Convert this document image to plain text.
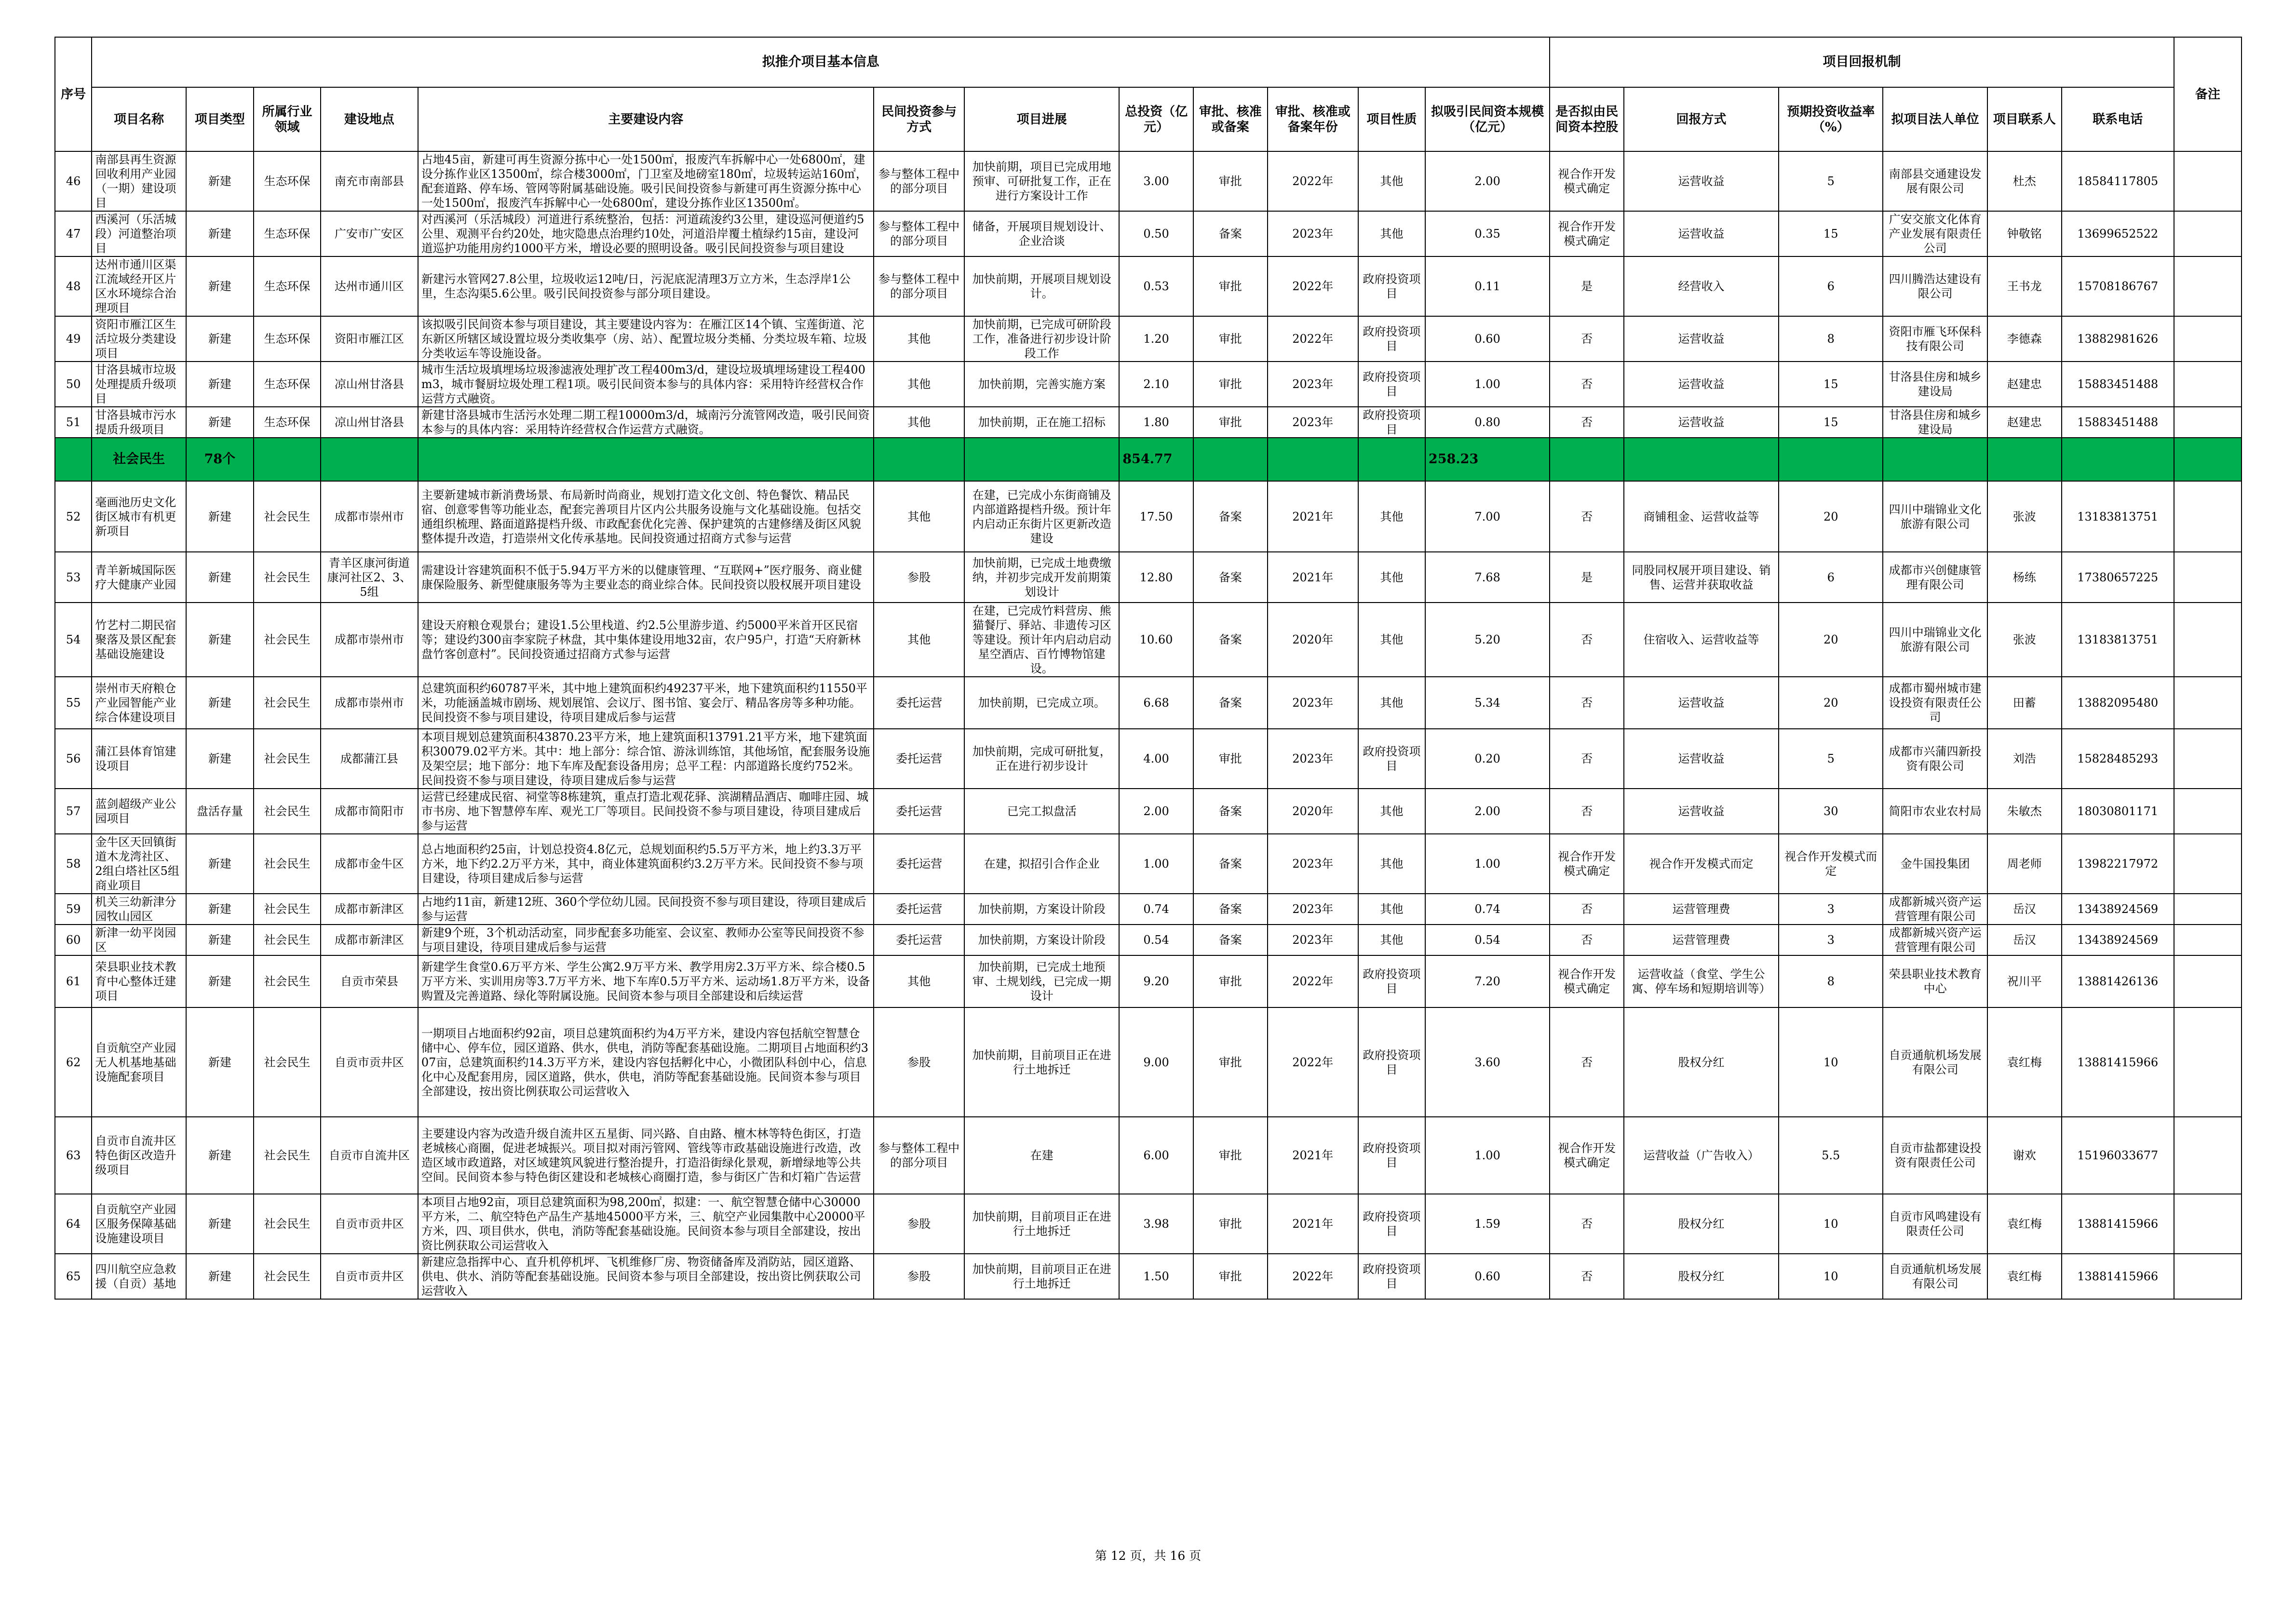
序号	拟推介项目基本信息												项目回报机制						备注
	项目名称	项目类型	所属行业领域	建设地点	主要建设内容	民间投资参与方式	项目进展	总投资（亿元）	审批、核准或备案	审批、核准或备案年份	项目性质	拟吸引民间资本规模（亿元）	是否拟由民间资本控股	回报方式	预期投资收益率（%）	拟项目法人单位	项目联系人	联系电话	
46	南部县再生资源回收利用产业园（一期）建设项目	新建	生态环保	南充市南部县	占地45亩，新建可再生资源分拣中心一处1500㎡，报废汽车拆解中心一处6800㎡，建设分拣作业区13500㎡，综合楼3000㎡，门卫室及地磅室180㎡，垃圾转运站160㎡，配套道路、停车场、管网等附属基础设施。吸引民间投资参与新建可再生资源分拣中心一处1500㎡，报废汽车拆解中心一处6800㎡，建设分拣作业区13500㎡。	参与整体工程中的部分项目	加快前期，项目已完成用地预审、可研批复工作，正在进行方案设计工作	3.00	审批	2022年	其他	2.00	视合作开发模式确定	运营收益	5	南部县交通建设发展有限公司	杜杰	18584117805	
47	西溪河（乐活城段）河道整治项目	新建	生态环保	广安市广安区	对西溪河（乐活城段）河道进行系统整治，包括：河道疏浚约3公里，建设巡河便道约5公里、观测平台约20处，地灾隐患点治理约10处，河道沿岸覆土植绿约15亩，建设河道巡护功能用房约1000平方米，增设必要的照明设备。吸引民间投资参与项目建设	参与整体工程中的部分项目	储备，开展项目规划设计、企业洽谈	0.50	备案	2023年	其他	0.35	视合作开发模式确定	运营收益	15	广安交旅文化体育产业发展有限责任公司	钟敬铭	13699652522	
48	达州市通川区渠江流域经开区片区水环境综合治理项目	新建	生态环保	达州市通川区	新建污水管网27.8公里，垃圾收运12吨/日，污泥底泥清理3万立方米，生态浮岸1公里，生态沟渠5.6公里。吸引民间投资参与部分项目建设。	参与整体工程中的部分项目	加快前期，开展项目规划设计。	0.53	审批	2022年	政府投资项目	0.11	是	经营收入	6	四川腾浩达建设有限公司	王书龙	15708186767	
49	资阳市雁江区生活垃圾分类建设项目	新建	生态环保	资阳市雁江区	该拟吸引民间资本参与项目建设，其主要建设内容为：在雁江区14个镇、宝莲街道、沱东新区所辖区域设置垃圾分类收集亭（房、站）、配置垃圾分类桶、分类垃圾车箱、垃圾分类收运车等设施设备。	其他	加快前期，已完成可研阶段工作，准备进行初步设计阶段工作	1.20	审批	2022年	政府投资项目	0.60	否	运营收益	8	资阳市雁飞环保科技有限公司	李德森	13882981626	
50	甘洛县城市垃圾处理提质升级项目	新建	生态环保	凉山州甘洛县	城市生活垃圾填埋场垃圾渗滤液处理扩改工程400m3/d，建设垃圾填埋场建设工程400m3，城市餐厨垃圾处理工程1项。吸引民间资本参与的具体内容：采用特许经营权合作运营方式融资。	其他	加快前期，完善实施方案	2.10	审批	2023年	政府投资项目	1.00	否	运营收益	15	甘洛县住房和城乡建设局	赵建忠	15883451488	
51	甘洛县城市污水提质升级项目	新建	生态环保	凉山州甘洛县	新建甘洛县城市生活污水处理二期工程10000m3/d，城南污分流管网改造，吸引民间资本参与的具体内容：采用特许经营权合作运营方式融资。	其他	加快前期，正在施工招标	1.80	审批	2023年	政府投资项目	0.80	否	运营收益	15	甘洛县住房和城乡建设局	赵建忠	15883451488	
	社会民生	78个						854.77				258.23							
52	毫画池历史文化街区城市有机更新项目	新建	社会民生	成都市崇州市	主要新建城市新消费场景、布局新时尚商业，规划打造文化文创、特色餐饮、精品民宿、创意零售等功能业态，配套完善项目片区内公共服务设施与文化基础设施。包括交通组织梳理、路面道路提档升级、市政配套优化完善、保护建筑的古建修缮及街区风貌整体提升改造，打造崇州文化传承基地。民间投资通过招商方式参与运营	其他	在建，已完成小东街商铺及内部道路提档升级。预计年内启动正东街片区更新改造建设	17.50	备案	2021年	其他	7.00	否	商铺租金、运营收益等	20	四川中瑞锦业文化旅游有限公司	张波	13183813751	
53	青羊新城国际医疗大健康产业园	新建	社会民生	青羊区康河街道康河社区2、3、5组	需建设计容建筑面积不低于5.94万平方米的以健康管理、“互联网+”医疗服务、商业健康保险服务、新型健康服务等为主要业态的商业综合体。民间投资以股权展开项目建设	参股	加快前期，已完成土地费缴纳，并初步完成开发前期策划设计	12.80	备案	2021年	其他	7.68	是	同股同权展开项目建设、销售、运营并获取收益	6	成都市兴创健康管理有限公司	杨练	17380657225	
54	竹艺村二期民宿聚落及景区配套基础设施建设	新建	社会民生	成都市崇州市	建设天府粮仓观景台；建设1.5公里栈道、约2.5公里游步道、约5000平米首开区民宿等；建设约300亩李家院子林盘，其中集体建设用地32亩，农户95户，打造“天府新林盘竹客创意村”。民间投资通过招商方式参与运营	其他	在建，已完成竹料营房、熊猫餐厅、驿站、非遗传习区等建设。预计年内启动启动星空酒店、百竹博物馆建设。	10.60	备案	2020年	其他	5.20	否	住宿收入、运营收益等	20	四川中瑞锦业文化旅游有限公司	张波	13183813751	
55	崇州市天府粮仓产业园智能产业综合体建设项目	新建	社会民生	成都市崇州市	总建筑面积约60787平米，其中地上建筑面积约49237平米，地下建筑面积约11550平米，功能涵盖城市剧场、规划展馆、会议厅、图书馆、宴会厅、精品客房等多种功能。民间投资不参与项目建设，待项目建成后参与运营	委托运营	加快前期，已完成立项。	6.68	备案	2023年	其他	5.34	否	运营收益	20	成都市蜀州城市建设投资有限责任公司	田蓄	13882095480	
56	蒲江县体育馆建设项目	新建	社会民生	成都蒲江县	本项目规划总建筑面积43870.23平方米，地上建筑面积13791.21平方米，地下建筑面积30079.02平方米。其中：地上部分：综合馆、游泳训练馆，其他场馆，配套服务设施及架空层；地下部分：地下车库及配套设备用房；总平工程：内部道路长度约752米。民间投资不参与项目建设，待项目建成后参与运营	委托运营	加快前期，完成可研批复，正在进行初步设计	4.00	审批	2023年	政府投资项目	0.20	否	运营收益	5	成都市兴蒲四新投资有限公司	刘浩	15828485293	
57	蓝剑超级产业公园项目	盘活存量	社会民生	成都市简阳市	运营已经建成民宿、祠堂等8栋建筑，重点打造北观花驿、滨湖精品酒店、咖啡庄园、城市书房、地下智慧停车库、观光工厂等项目。民间投资不参与项目建设，待项目建成后参与运营	委托运营	已完工拟盘活	2.00	备案	2020年	其他	2.00	否	运营收益	30	简阳市农业农村局	朱敏杰	18030801171	
58	金牛区天回镇街道木龙湾社区、2组白塔社区5组商业项目	新建	社会民生	成都市金牛区	总占地面积约25亩，计划总投资4.8亿元，总规划面积约5.5万平方米，地上约3.3万平方米，地下约2.2万平方米，其中，商业体建筑面积约3.2万平方米。民间投资不参与项目建设，待项目建成后参与运营	委托运营	在建，拟招引合作企业	1.00	备案	2023年	其他	1.00	视合作开发模式确定	视合作开发模式而定	视合作开发模式而定	金牛国投集团	周老师	13982217972	
59	机关三幼新津分园牧山园区	新建	社会民生	成都市新津区	占地约11亩，新建12班、360个学位幼儿园。民间投资不参与项目建设，待项目建成后参与运营	委托运营	加快前期，方案设计阶段	0.74	备案	2023年	其他	0.74	否	运营管理费	3	成都新城兴资产运营管理有限公司	岳汉	13438924569	
60	新津一幼平岗园区	新建	社会民生	成都市新津区	新建9个班，3个机动活动室，同步配套多功能室、会议室、教师办公室等民间投资不参与项目建设，待项目建成后参与运营	委托运营	加快前期，方案设计阶段	0.54	备案	2023年	其他	0.54	否	运营管理费	3	成都新城兴资产运营管理有限公司	岳汉	13438924569	
61	荣县职业技术教育中心整体迁建项目	新建	社会民生	自贡市荣县	新建学生食堂0.6万平方米、学生公寓2.9万平方米、教学用房2.3万平方米、综合楼0.5万平方米、实训用房等3.7万平方米、地下车库0.5万平方米、运动场1.8万平方米，设备购置及完善道路、绿化等附属设施。民间资本参与项目全部建设和后续运营	其他	加快前期，已完成土地预审、土规划线，已完成一期设计	9.20	审批	2022年	政府投资项目	7.20	视合作开发模式确定	运营收益（食堂、学生公寓、停车场和短期培训等）	8	荣县职业技术教育中心	祝川平	13881426136	
62	自贡航空产业园无人机基地基础设施配套项目	新建	社会民生	自贡市贡井区	一期项目占地面积约92亩，项目总建筑面积约为4万平方米，建设内容包括航空智慧仓储中心、停车位，园区道路、供水，供电，消防等配套基础设施。二期项目占地面积约307亩，总建筑面积约14.3万平方米，建设内容包括孵化中心，小微团队科创中心，信息化中心及配套用房，园区道路，供水，供电，消防等配套基础设施。民间资本参与项目全部建设，按出资比例获取公司运营收入	参股	加快前期，目前项目正在进行土地拆迁	9.00	审批	2022年	政府投资项目	3.60	否	股权分红	10	自贡通航机场发展有限公司	袁红梅	13881415966	
63	自贡市自流井区特色街区改造升级项目	新建	社会民生	自贡市自流井区	主要建设内容为改造升级自流井区五星街、同兴路、自由路、檀木林等特色街区，打造老城核心商圈，促进老城振兴。项目拟对雨污管网、管线等市政基础设施进行改造，改造区域市政道路，对区域建筑风貌进行整治提升，打造沿街绿化景观，新增绿地等公共空间。民间资本参与特色街区建设和老城核心商圈打造，参与街区广告和灯箱广告运营	参与整体工程中的部分项目	在建	6.00	审批	2021年	政府投资项目	1.00	视合作开发模式确定	运营收益（广告收入）	5.5	自贡市盐都建设投资有限责任公司	谢欢	15196033677	
64	自贡航空产业园区服务保障基础设施建设项目	新建	社会民生	自贡市贡井区	本项目占地92亩，项目总建筑面积为98,200㎡，拟建：一、航空智慧仓储中心30000平方米，二、航空特色产品生产基地45000平方米，三、航空产业园集散中心20000平方米，四、项目供水，供电，消防等配套基础设施。民间资本参与项目全部建设，按出资比例获取公司运营收入	参股	加快前期，目前项目正在进行土地拆迁	3.98	审批	2021年	政府投资项目	1.59	否	股权分红	10	自贡市风鸣建设有限责任公司	袁红梅	13881415966	
65	四川航空应急救援（自贡）基地	新建	社会民生	自贡市贡井区	新建应急指挥中心、直升机停机坪、飞机维修厂房、物资储备库及消防站，园区道路、供电、供水、消防等配套基础设施。民间资本参与项目全部建设，按出资比例获取公司运营收入	参股	加快前期，目前项目正在进行土地拆迁	1.50	审批	2022年	政府投资项目	0.60	否	股权分红	10	自贡通航机场发展有限公司	袁红梅	13881415966	
第 12 页，共 16 页
